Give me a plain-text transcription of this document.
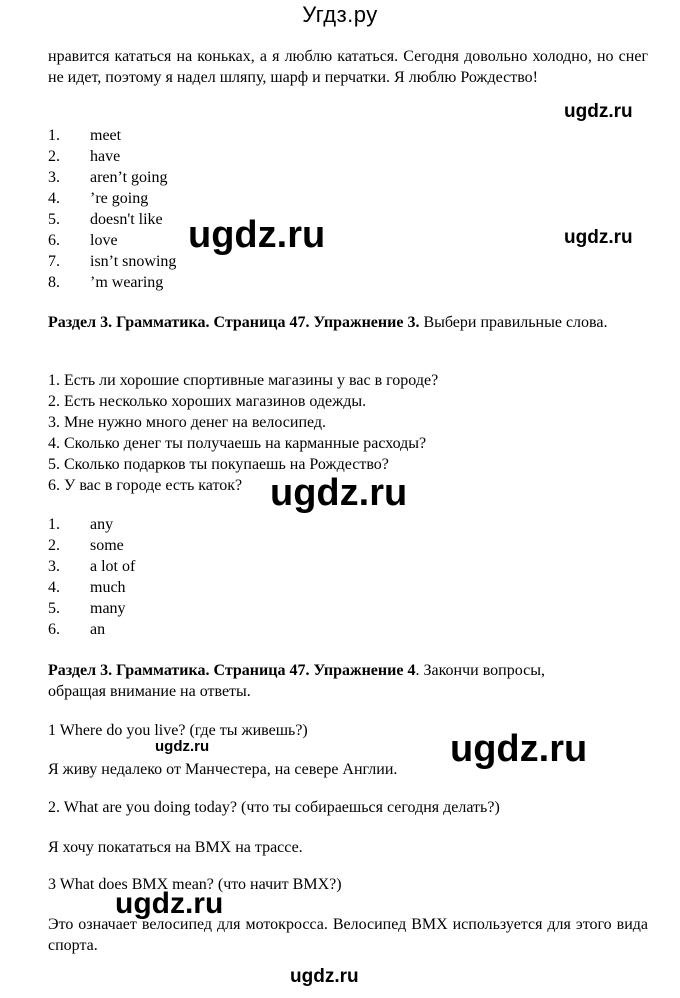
Угдз.ру
нравится кататься на коньках, а я люблю кататься. Сегодня довольно холодно, но снег не идет, поэтому я надел шляпу, шарф и перчатки. Я люблю Рождество!
ugdz.ru
1. meet
2. have
3. aren’t going
4. ’re going
5. doesn't like
6. love
7. isn’t snowing
8. ’m wearing
ugdz.ru	ugdz.ru
Раздел 3. Грамматика. Страница 47. Упражнение 3. Выбери правильные слова.
1. Есть ли хорошие спортивные магазины у вас в городе?
2. Есть несколько хороших магазинов одежды.
3. Мне нужно много денег на велосипед.
4. Сколько денег ты получаешь на карманные расходы?
5. Сколько подарков ты покупаешь на Рождество?
6. У вас в городе есть каток? ugdz.ru
1. any
2. some
3. a lot of
4. much
5. many
6. an
Раздел 3. Грамматика. Страница 47. Упражнение 4. Закончи вопросы, обращая внимание на ответы.
1 Where do you live? (где ты живешь?)
ugdz.ru	ugdz.ru
Я живу недалеко от Манчестера, на севере Англии.
2. What are you doing today? (что ты собираешься сегодня делать?)
Я хочу покататься на BMX на трассе.
3 What does BMX mean? (что начит BMX?)
ugdz.ru
Это означает велосипед для мотокросса. Велосипед BMX используется для этого вида спорта.
ugdz.ru
